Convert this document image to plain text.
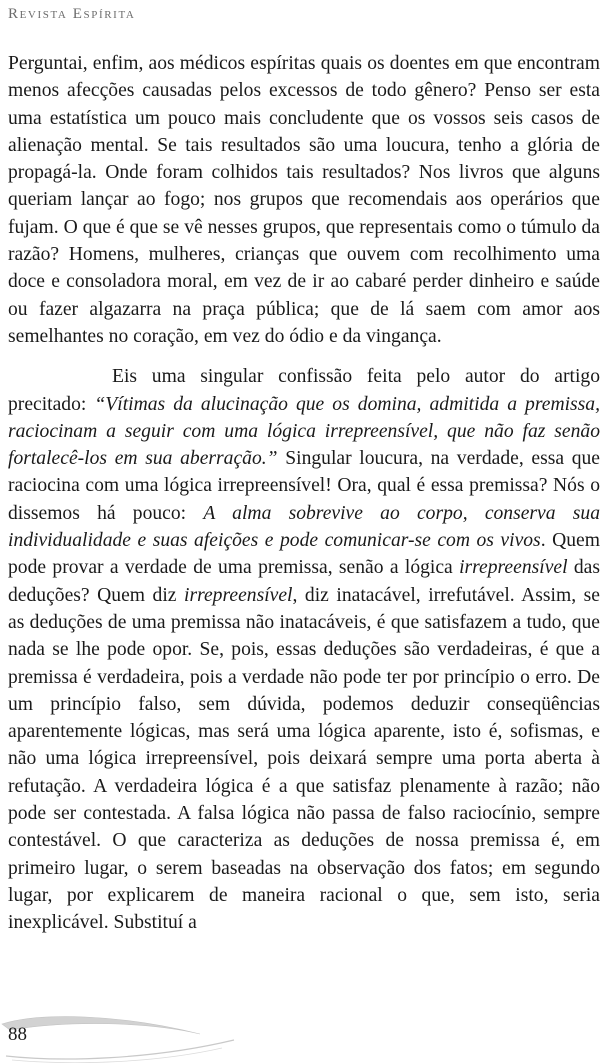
Revista Espírita

Perguntai, enfim, aos médicos espíritas quais os doentes em que encontram menos afecções causadas pelos excessos de todo gênero? Penso ser esta uma estatística um pouco mais concludente que os vossos seis casos de alienação mental. Se tais resultados são uma loucura, tenho a glória de propagá-la. Onde foram colhidos tais resultados? Nos livros que alguns queriam lançar ao fogo; nos grupos que recomendais aos operários que fujam. O que é que se vê nesses grupos, que representais como o túmulo da razão? Homens, mulheres, crianças que ouvem com recolhimento uma doce e consoladora moral, em vez de ir ao cabaré perder dinheiro e saúde ou fazer algazarra na praça pública; que de lá saem com amor aos semelhantes no coração, em vez do ódio e da vingança.

Eis uma singular confissão feita pelo autor do artigo precitado: “Vítimas da alucinação que os domina, admitida a premissa, raciocinam a seguir com uma lógica irrepreensível, que não faz senão fortalecê-los em sua aberração.” Singular loucura, na verdade, essa que raciocina com uma lógica irrepreensível! Ora, qual é essa premissa? Nós o dissemos há pouco: A alma sobrevive ao corpo, conserva sua individualidade e suas afeições e pode comunicar-se com os vivos. Quem pode provar a verdade de uma premissa, senão a lógica irrepreensível das deduções? Quem diz irrepreensível, diz inatacável, irrefutável. Assim, se as deduções de uma premissa não inatacáveis, é que satisfazem a tudo, que nada se lhe pode opor. Se, pois, essas deduções são verdadeiras, é que a premissa é verdadeira, pois a verdade não pode ter por princípio o erro. De um princípio falso, sem dúvida, podemos deduzir conseqüências aparentemente lógicas, mas será uma lógica aparente, isto é, sofismas, e não uma lógica irrepreensível, pois deixará sempre uma porta aberta à refutação. A verdadeira lógica é a que satisfaz plenamente à razão; não pode ser contestada. A falsa lógica não passa de falso raciocínio, sempre contestável. O que caracteriza as deduções de nossa premissa é, em primeiro lugar, o serem baseadas na observação dos fatos; em segundo lugar, por explicarem de maneira racional o que, sem isto, seria inexplicável. Substituí a

88
